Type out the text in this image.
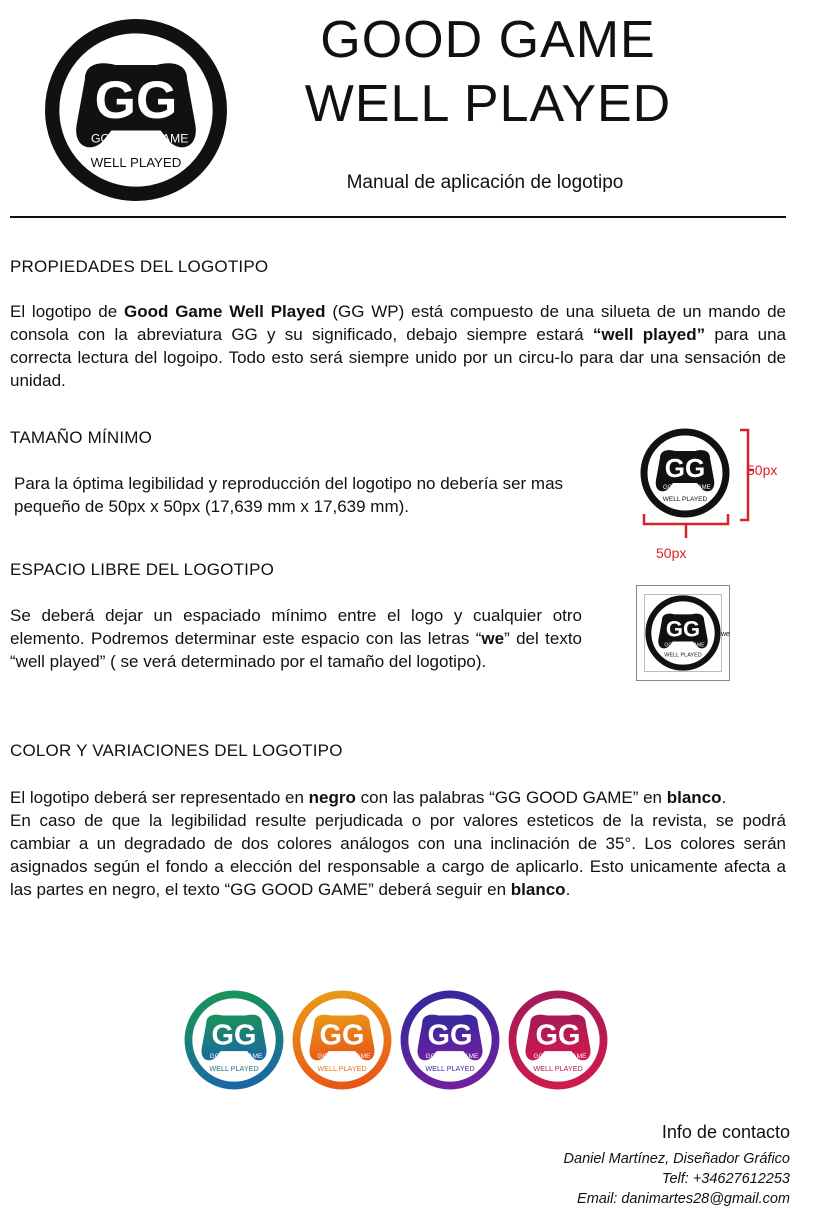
GOOD GAME
WELL PLAYED
Manual de aplicación de logotipo
PROPIEDADES DEL LOGOTIPO

El logotipo de Good Game Well Played (GG WP) está compuesto de una silueta de un mando de consola con la abreviatura GG y su significado, debajo siempre estará “well played” para una correcta lectura del logoipo. Todo esto será siempre unido por un circu-lo para dar una sensación de unidad.

TAMAÑO MÍNIMO

Para la óptima legibilidad y reproducción del logotipo no debería ser mas pequeño de 50px x 50px (17,639 mm x 17,639 mm).

50px
50px
ESPACIO LIBRE DEL LOGOTIPO

Se deberá dejar un espaciado mínimo entre el logo y cualquier otro elemento. Podremos determinar este espacio con las letras “we” del texto “well played” ( se verá determinado por el tamaño del logotipo).

we
COLOR Y VARIACIONES DEL LOGOTIPO

El logotipo deberá ser representado en negro con las palabras “GG GOOD GAME” en blanco.
En caso de que la legibilidad resulte perjudicada o por valores esteticos de la revista, se podrá cambiar a un degradado de dos colores análogos con una inclinación de 35°. Los colores serán asignados según el fondo a elección del responsable a cargo de aplicarlo. Esto unicamente afecta a las partes en negro, el texto “GG GOOD GAME” deberá seguir en blanco.

GG
GOOD GAME
WELL PLAYED
GG
GOOD GAME
WELL PLAYED
GG
GOOD GAME
WELL PLAYED
GG
GOOD GAME
WELL PLAYED
Info de contacto
Daniel Martínez, Diseñador Gráfico
Telf: +34627612253
Email: danimartes28@gmail.com
